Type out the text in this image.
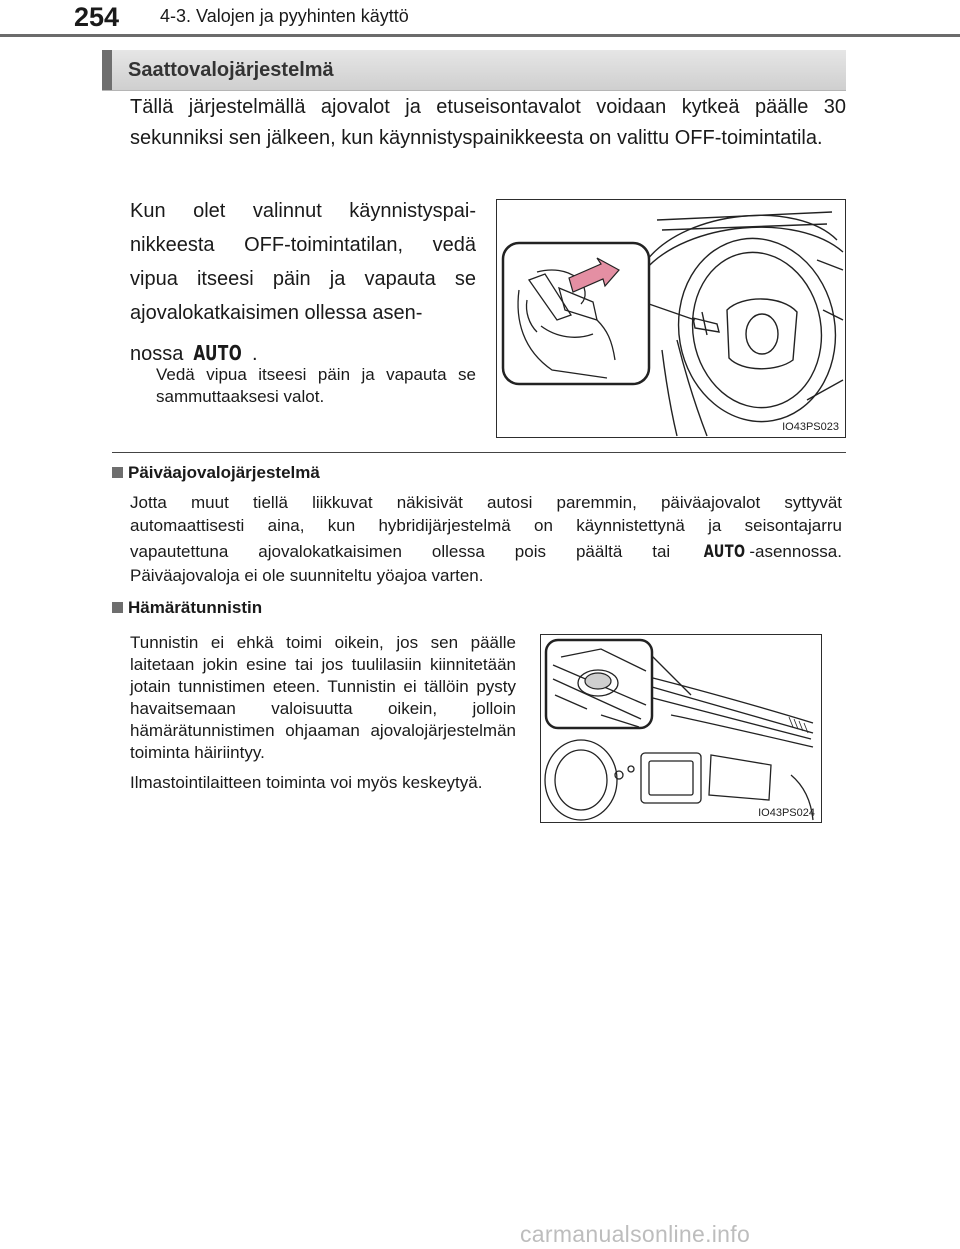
254 4-3. Valojen ja pyyhinten käyttö
Saattovalojärjestelmä
Tällä järjestelmällä ajovalot ja etuseisontavalot voidaan kytkeä päälle 30 sekunniksi sen jälkeen, kun käynnistyspainikkeesta on valittu OFF-toimintatila.
Kun olet valinnut käynnistyspai-nikkeesta OFF-toimintatilan, vedä vipua itseesi päin ja vapauta se ajovalokatkaisimen ollessa asen-
nossa AUTO .
Vedä vipua itseesi päin ja vapauta se sammuttaaksesi valot.
IO43PS023
Päiväajovalojärjestelmä
Jotta muut tiellä liikkuvat näkisivät autosi paremmin, päiväajovalot syttyvät
automaattisesti aina, kun hybridijärjestelmä on käynnistettynä ja seisontajarru
vapautettuna ajovalokatkaisimen ollessa pois päältä tai AUTO -asennossa.
Päiväajovaloja ei ole suunniteltu yöajoa varten.
Hämärätunnistin

Tunnistin ei ehkä toimi oikein, jos sen päälle laitetaan jokin esine tai jos tuulilasiin kiinnitetään jotain tunnistimen eteen. Tunnistin ei tällöin pysty havaitsemaan valoisuutta oikein, jolloin hämärätunnistimen ohjaaman ajovalojärjestelmän toiminta häiriintyy.

Ilmastointilaitteen toiminta voi myös keskeytyä.

IO43PS024
carmanualsonline.info
